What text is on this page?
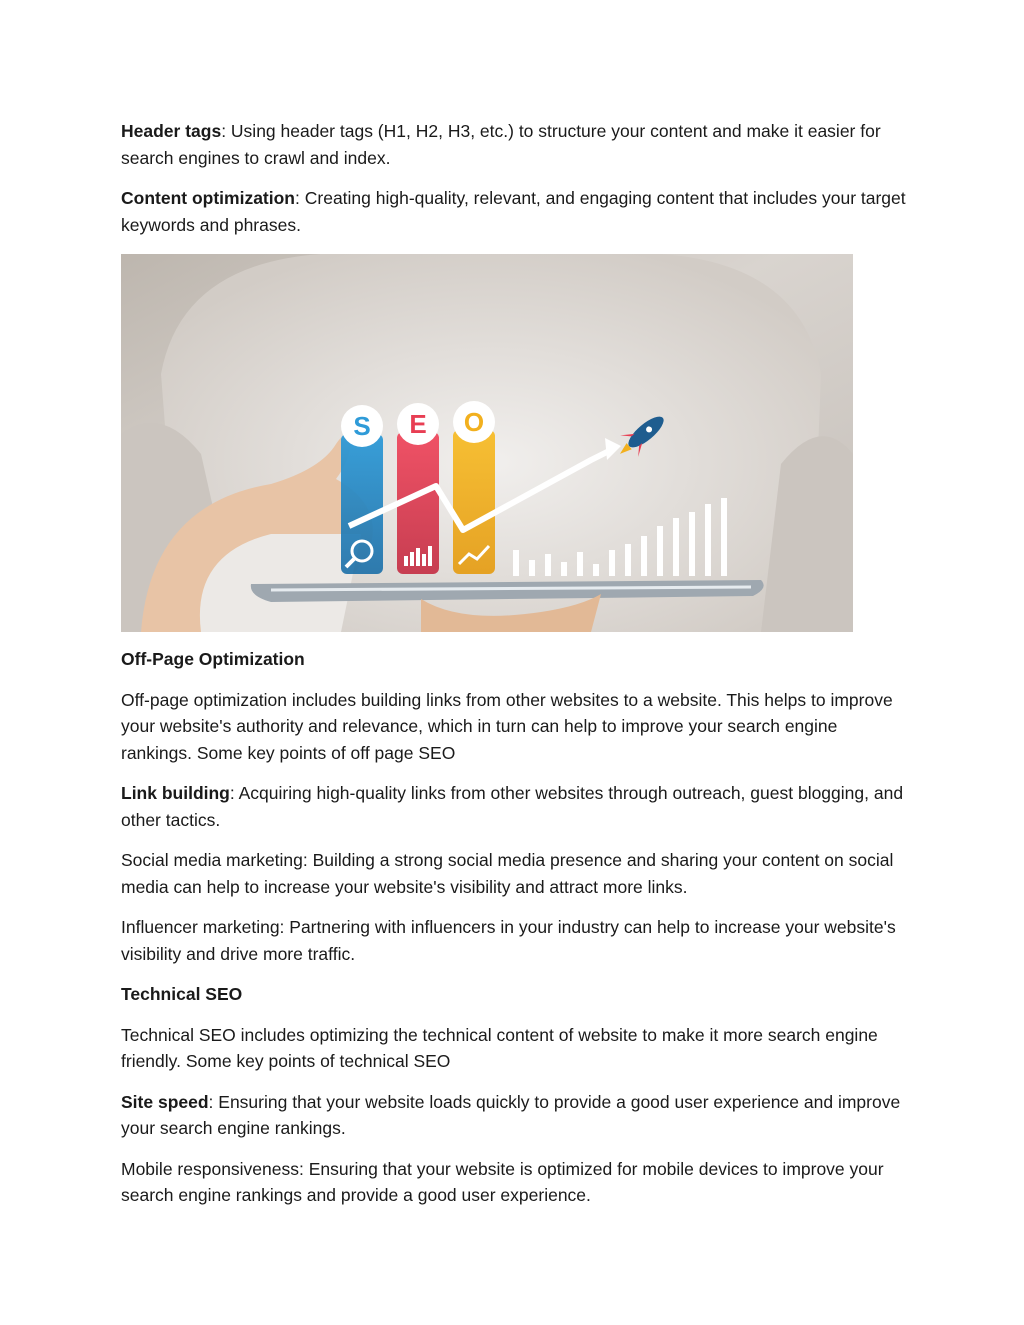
Header tags: Using header tags (H1, H2, H3, etc.) to structure your content and make it easier for search engines to crawl and index.

Content optimization: Creating high-quality, relevant, and engaging content that includes your target keywords and phrases.

S E O

Off-Page Optimization

Off-page optimization includes building links from other websites to a website. This helps to improve your website's authority and relevance, which in turn can help to improve your search engine rankings. Some key points of off page SEO

Link building: Acquiring high-quality links from other websites through outreach, guest blogging, and other tactics.

Social media marketing: Building a strong social media presence and sharing your content on social media can help to increase your website's visibility and attract more links.

Influencer marketing: Partnering with influencers in your industry can help to increase your website's visibility and drive more traffic.

Technical SEO

Technical SEO includes optimizing the technical content of website to make it more search engine friendly. Some key points of technical SEO

Site speed: Ensuring that your website loads quickly to provide a good user experience and improve your search engine rankings.

Mobile responsiveness: Ensuring that your website is optimized for mobile devices to improve your search engine rankings and provide a good user experience.
